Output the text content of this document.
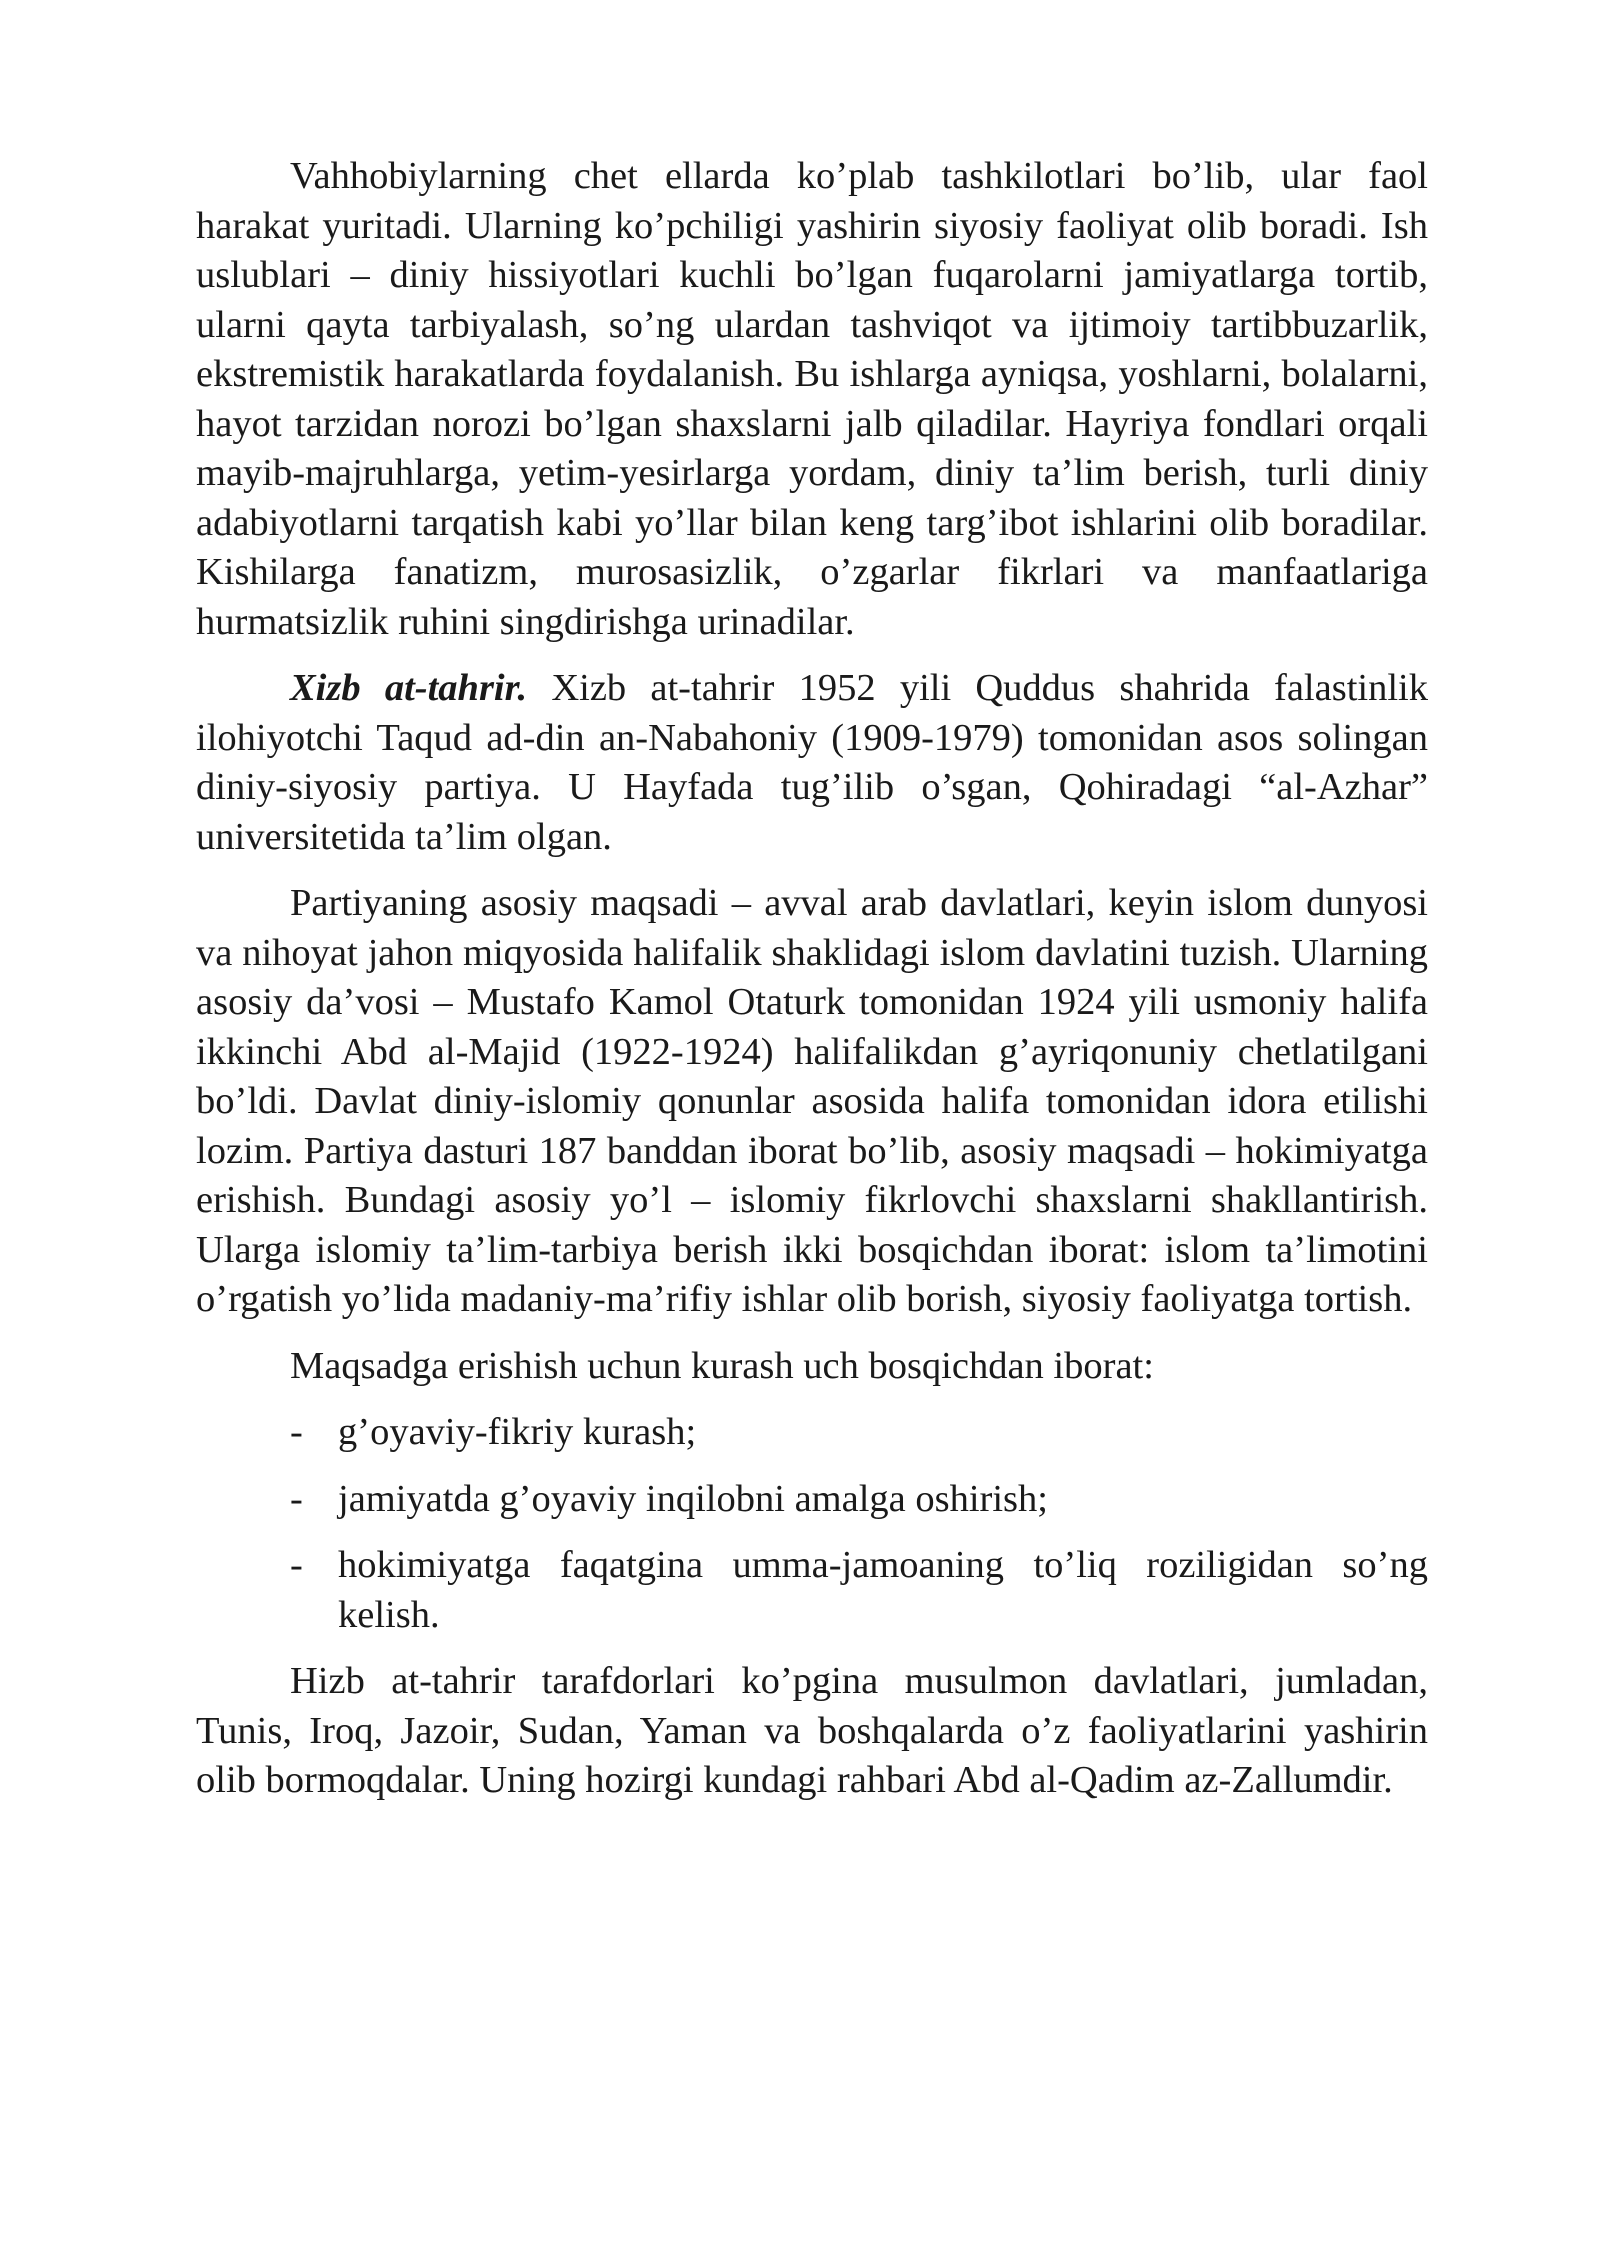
Vahhobiylarning chet ellarda ko’plab tashkilotlari bo’lib, ular faol harakat yuritadi. Ularning ko’pchiligi yashirin siyosiy faoliyat olib boradi. Ish uslublari – diniy hissiyotlari kuchli bo’lgan fuqarolarni jamiyatlarga tortib, ularni qayta tarbiyalash, so’ng ulardan tashviqot va ijtimoiy tartibbuzarlik, ekstremistik harakatlarda foydalanish. Bu ishlarga ayniqsa, yoshlarni, bolalarni, hayot tarzidan norozi bo’lgan shaxslarni jalb qiladilar. Hayriya fondlari orqali mayib-majruhlarga, yetim-yesirlarga yordam, diniy ta’lim berish, turli diniy adabiyotlarni tarqatish kabi yo’llar bilan keng targ’ibot ishlarini olib boradilar. Kishilarga fanatizm, murosasizlik, o’zgarlar fikrlari va manfaatlariga hurmatsizlik ruhini singdirishga urinadilar.

Xizb at-tahrir. Xizb at-tahrir 1952 yili Quddus shahrida falastinlik ilohiyotchi Taqud ad-din an-Nabahoniy (1909-1979) tomonidan asos solingan diniy-siyosiy partiya. U Hayfada tug’ilib o’sgan, Qohiradagi “al-Azhar” universitetida ta’lim olgan.

Partiyaning asosiy maqsadi – avval arab davlatlari, keyin islom dunyosi va nihoyat jahon miqyosida halifalik shaklidagi islom davlatini tuzish. Ularning asosiy da’vosi – Mustafo Kamol Otaturk tomonidan 1924 yili usmoniy halifa ikkinchi Abd al-Majid (1922-1924) halifalikdan g’ayriqonuniy chetlatilgani bo’ldi. Davlat diniy-islomiy qonunlar asosida halifa tomonidan idora etilishi lozim. Partiya dasturi 187 banddan iborat bo’lib, asosiy maqsadi – hokimiyatga erishish. Bundagi asosiy yo’l – islomiy fikrlovchi shaxslarni shakllantirish. Ularga islomiy ta’lim-tarbiya berish ikki bosqichdan iborat: islom ta’limotini o’rgatish yo’lida madaniy-ma’rifiy ishlar olib borish, siyosiy faoliyatga tortish.

Maqsadga erishish uchun kurash uch bosqichdan iborat:

- g’oyaviy-fikriy kurash;
- jamiyatda g’oyaviy inqilobni amalga oshirish;
- hokimiyatga faqatgina umma-jamoaning to’liq roziligidan so’ng kelish.

Hizb at-tahrir tarafdorlari ko’pgina musulmon davlatlari, jumladan, Tunis, Iroq, Jazoir, Sudan, Yaman va boshqalarda o’z faoliyatlarini yashirin olib bormoqdalar. Uning hozirgi kundagi rahbari Abd al-Qadim az-Zallumdir.
